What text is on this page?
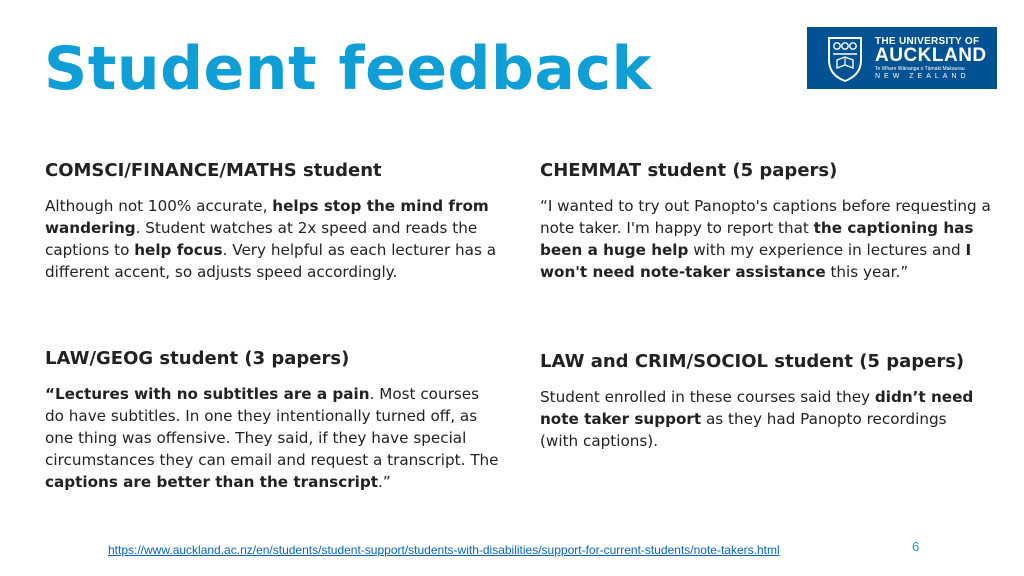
Student feedback	THE UNIVERSITY OF
AUCKLAND
Te Whare Wānanga o Tāmaki Makaurau
NEW ZEALAND
COMSCI/FINANCE/MATHS student

Although not 100% accurate, helps stop the mind from wandering. Student watches at 2x speed and reads the captions to help focus. Very helpful as each lecturer has a different accent, so adjusts speed accordingly.

CHEMMAT student (5 papers)

“I wanted to try out Panopto's captions before requesting a note taker. I'm happy to report that the captioning has been a huge help with my experience in lectures and I won't need note-taker assistance this year.”

LAW/GEOG student (3 papers)

“Lectures with no subtitles are a pain. Most courses do have subtitles. In one they intentionally turned off, as one thing was offensive. They said, if they have special circumstances they can email and request a transcript. The captions are better than the transcript.”

LAW and CRIM/SOCIOL student (5 papers)

Student enrolled in these courses said they didn’t need note taker support as they had Panopto recordings (with captions).

https://www.auckland.ac.nz/en/students/student-support/students-with-disabilities/support-for-current-students/note-takers.html	6
